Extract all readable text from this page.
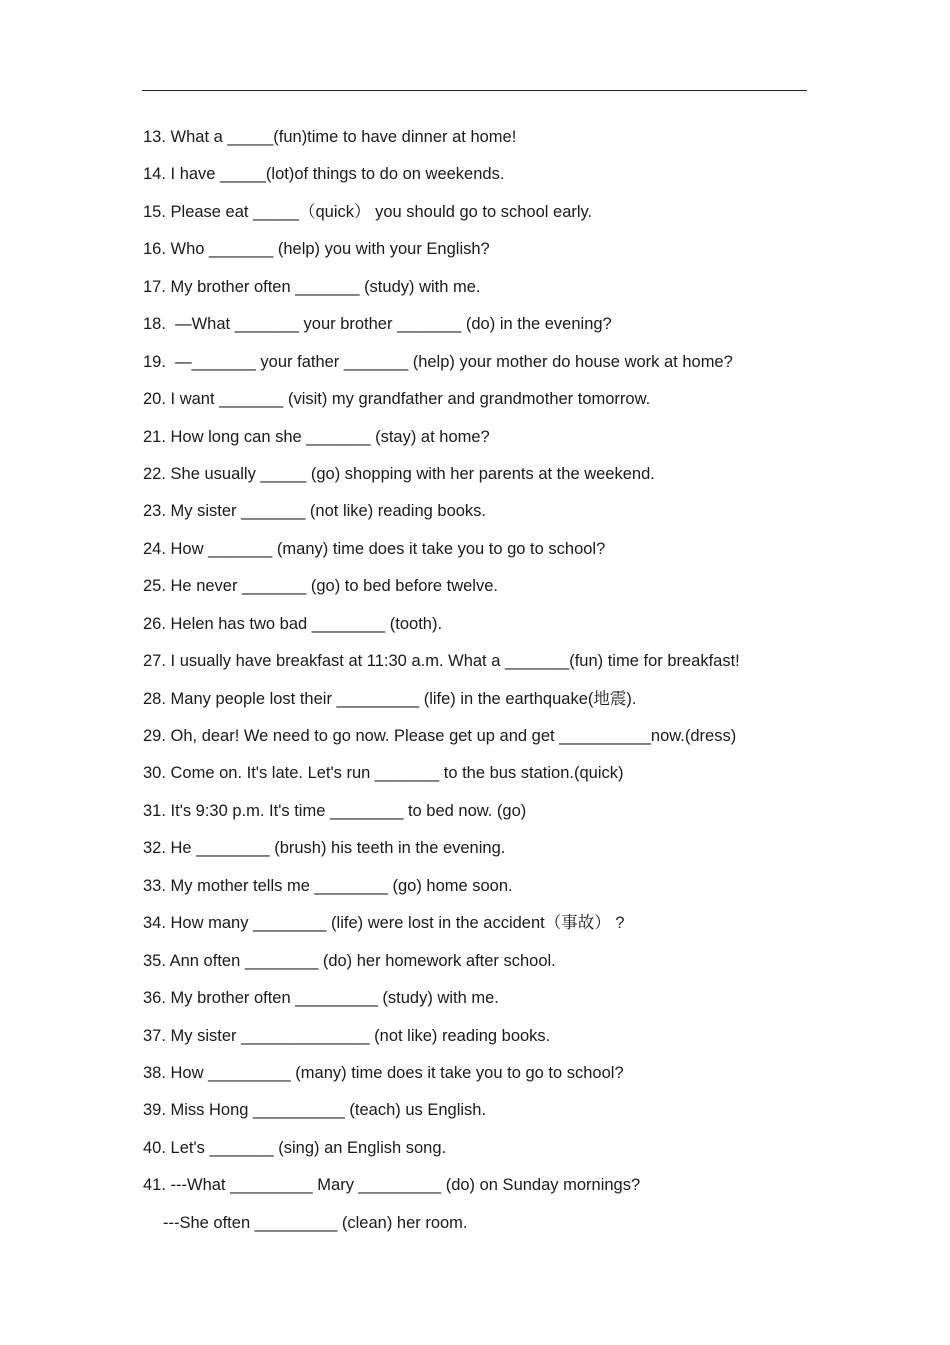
13. What a _____(fun)time to have dinner at home!
14. I have _____(lot)of things to do on weekends.
15. Please eat _____（quick） you should go to school early.
16. Who _______ (help) you with your English?
17. My brother often _______ (study) with me.
18.  —What _______ your brother _______ (do) in the evening?
19.  —_______ your father _______ (help) your mother do house work at home?
20. I want _______ (visit) my grandfather and grandmother tomorrow.
21. How long can she _______ (stay) at home?
22. She usually _____ (go) shopping with her parents at the weekend.
23. My sister _______ (not like) reading books.
24. How _______ (many) time does it take you to go to school?
25. He never _______ (go) to bed before twelve.
26. Helen has two bad ________ (tooth).
27. I usually have breakfast at 11:30 a.m. What a _______(fun) time for breakfast!
28. Many people lost their _________ (life) in the earthquake(地震).
29. Oh, dear! We need to go now. Please get up and get __________now.(dress)
30. Come on. It's late. Let's run _______ to the bus station.(quick)
31. It's 9:30 p.m. It's time ________ to bed now. (go)
32. He ________ (brush) his teeth in the evening.
33. My mother tells me ________ (go) home soon.
34. How many ________ (life) were lost in the accident（事故） ?
35. Ann often ________ (do) her homework after school.
36. My brother often _________ (study) with me.
37. My sister ______________ (not like) reading books.
38. How _________ (many) time does it take you to go to school?
39. Miss Hong __________ (teach) us English.
40. Let's _______ (sing) an English song.
41. ---What _________ Mary _________ (do) on Sunday mornings?
---She often _________ (clean) her room.
